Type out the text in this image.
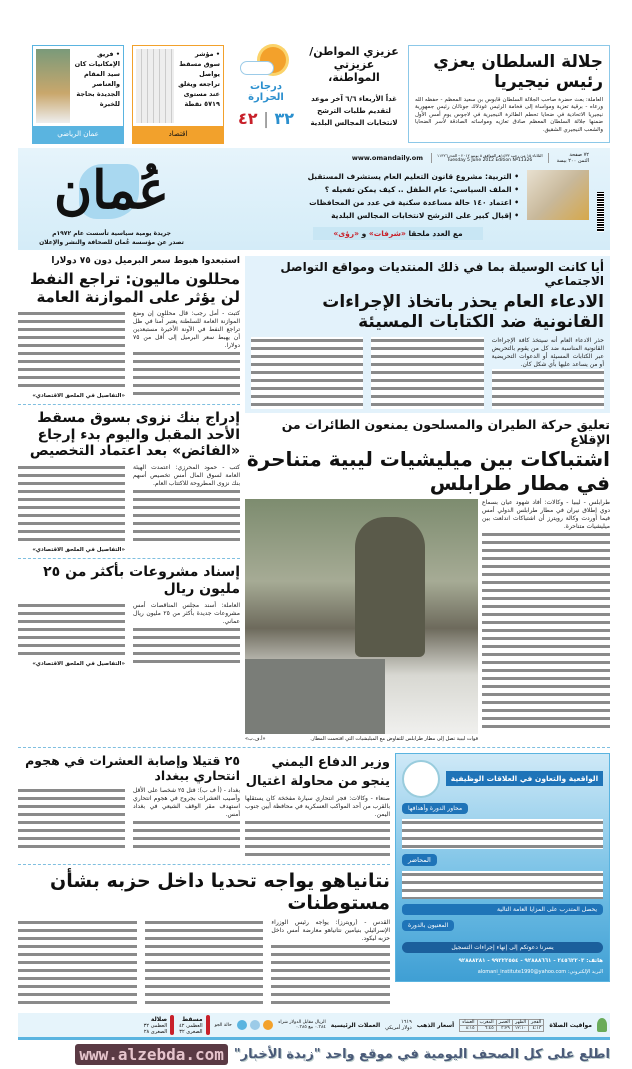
جلالة السلطان يعزي رئيس نيجيريا
العاملة: بعث حضرة صاحب الجلالة السلطان قابوس بن سعيد المعظم - حفظه الله ورعاه - برقية تعزية ومواساة إلى فخامة الرئيس غودلاك جوناثان رئيس جمهورية نيجيريا الاتحادية في ضحايا تحطم الطائرة النيجيرية في لاجوس يوم أمس الأول ضمنها جلالة السلطان المعظم صادق تعازيه ومواساته الصادقة لأسر الضحايا والشعب النيجيري الشقيق.
عزيزي المواطن/ عزيزتي المواطنة،
غداً الأربعاء ٦/٦ آخر موعد لتقديم طلبات الترشح لانتخابات المجالس البلدية
درجات الحرارة
٣٢ | ٤٢
• مؤشر سوق مسقط يواصل تراجعه ويغلق عند مستوى ٥٧١٩ نقطة
اقتصاد
• فريق الإمكانيات كان سيد المقام والعناصر الجديدة بحاجة للخبرة
عمان الرياضي
٧٢ صفحة
الثمن ٢٠٠ بيسة
الثلاثاء ١٥ من رجب ١٤٣٣هـ الموافق ٥ يونيو ٢٠١٢ - العدد ١١٣٢٦
Tuesday 5 June 2012 Edition Nº11326
www.omandaily.om
• التربية: مشروع قانون التعليم العام يستشرف المستقبل
• الملف السياسي: عام الطفل .. كيف يمكن تفعيله ؟
• اعتماد ١٤٠ حالة مساعدة سكنية في عدد من المحافظات
• إقبال كبير على الترشح لانتخابات المجالس البلدية
مع العدد ملحقا «شرفات» و «رؤى»
عُمان
جريدة يومية سياسية تأسست عام ١٩٧٢م
تصدر عن مؤسسة عُمان للصحافة والنشر والإعلان
أيا كانت الوسيلة بما في ذلك المنتديات ومواقع التواصل الاجتماعي
الادعاء العام يحذر باتخاذ الإجراءات القانونية ضد الكتابات المسيئة
حذر الادعاء العام أنه سيتخذ كافة الإجراءات القانونية المناسبة ضد كل من يقوم بالتحريض عبر الكتابات المسيئة أو الدعوات التحريضية أو من يساعد عليها بأي شكل كان.
تعليق حركة الطيران والمسلحون يمنعون الطائرات من الإقلاع
اشتباكات بين ميليشيات ليبية متناحرة في مطار طرابلس
طرابلس - ليبيا - وكالات: أفاد شهود عيان بسماع دوي إطلاق نيران في مطار طرابلس الدولي أمس فيما أوردت وكالة رويترز أن اشتباكات اندلعت بين ميليشيات متناحرة.
قوات ليبية تصل إلى مطار طرابلس للتفاوض مع الميليشيات التي اقتحمت المطار.
«أ.ف.ب»
استبعدوا هبوط سعر البرميل دون ٧٥ دولارا
محللون ماليون: تراجع النفط لن يؤثر على الموازنة العامة
كتبت - أمل رجب: قال محللون إن وضع الموازنة العامة للسلطنة يعتبر آمنا في ظل تراجع النفط في الآونة الأخيرة مستبعدين أن يهبط سعر البرميل إلى أقل من ٧٥ دولارا.
«التفاصيل في الملحق الاقتصادي»
إدراج بنك نزوى بسوق مسقط الأحد المقبل واليوم بدء إرجاع «الفائض» بعد اعتماد التخصيص
كتب - حمود المحرزي: اعتمدت الهيئة العامة لسوق المال أمس تخصيص أسهم بنك نزوى المطروحة للاكتتاب العام.
«التفاصيل في الملحق الاقتصادي»
إسناد مشروعات بأكثر من ٢٥ مليون ريال
العاملة: أسند مجلس المناقصات أمس مشروعات جديدة بأكثر من ٢٥ مليون ريال عماني.
«التفاصيل في الملحق الاقتصادي»
الواقعية والتعاون في العلاقات الوظيفية
محاور الدورة وأهدافها
المحاضر
يحصل المتدرب على المزايا العامة التالية
المعنيون بالدورة
يسرنا دعوتكم إلى إنهاء إجراءات التسجيل
هاتف: ٢٤٥٦٢٢٠٣ - ٩٢٨٨٨٦٦١ - ٩٩٢٢٢٥٥٤ - ٩٢٨٨٨٢٨١
البريد الإلكتروني: alomani_institute1990@yahoo.com
وزير الدفاع اليمني ينجو من محاولة اغتيال
صنعاء - وكالات: فجر انتحاري سيارة مفخخة كان يستقلها بالقرب من أحد المواكب العسكرية في محافظة أبين جنوب اليمن.
٢٥ قتيلا وإصابة العشرات في هجوم انتحاري ببغداد
بغداد - (أ ف ب): قتل ٢٥ شخصا على الأقل وأصيب العشرات بجروح في هجوم انتحاري استهدف مقر الوقف الشيعي في بغداد أمس.
نتانياهو يواجه تحديا داخل حزبه بشأن مستوطنات
القدس - (رويترز): يواجه رئيس الوزراء الإسرائيلي بنيامين نتانياهو معارضة أمس داخل حزبه ليكود.
مواقيت الصلاة
الفجر	الظهر	العصر	المغرب	العشاء
٤:١٣	١٢:١٠	٣:٢٩	٦:٤٥	٨:١٥
أسعار الذهب
١٦١٩
دولار أمريكي
العملات الرئيسية
الريال مقابل الدولار شراء ٠.٣٨٤ بيع ٠.٣٨٥
حالة الجو
مسقط
العظمى ٤٢
الصغرى ٣٢
صلالة
العظمى ٣٢
الصغرى ٢٨
اطلع على كل الصحف اليومية في موقع واحد "زبدة الأخبار"
www.alzebda.com
